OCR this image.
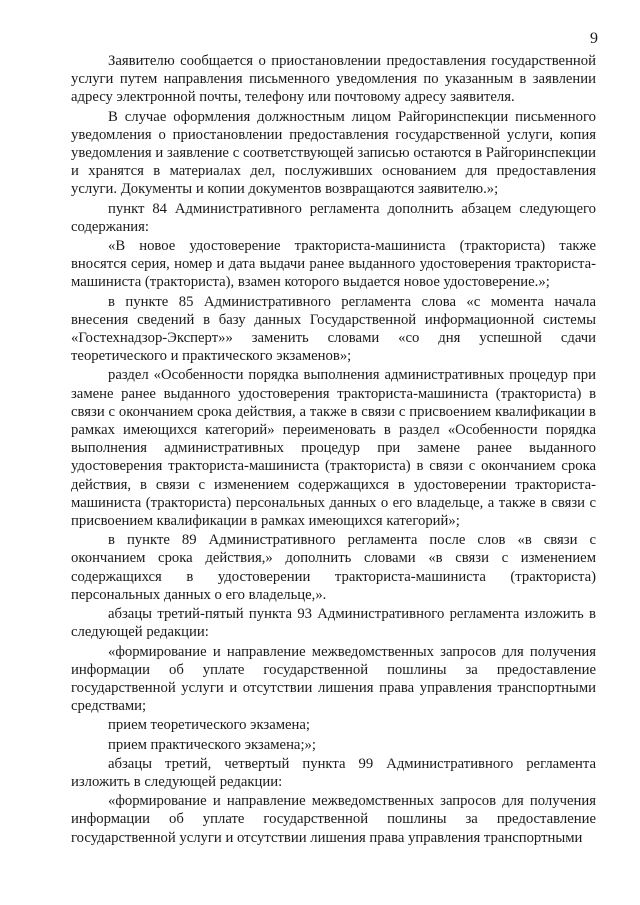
9

Заявителю сообщается о приостановлении предоставления государственной услуги путем направления письменного уведомления по указанным в заявлении адресу электронной почты, телефону или почтовому адресу заявителя.

В случае оформления должностным лицом Райгоринспекции письменного уведомления о приостановлении предоставления государственной услуги, копия уведомления и заявление с соответствующей записью остаются в Райгоринспекции и хранятся в материалах дел, послуживших основанием для предоставления услуги. Документы и копии документов возвращаются заявителю.»;

пункт 84 Административного регламента дополнить абзацем следующего содержания:

«В новое удостоверение тракториста-машиниста (тракториста) также вносятся серия, номер и дата выдачи ранее выданного удостоверения тракториста-машиниста (тракториста), взамен которого выдается новое удостоверение.»;

в пункте 85 Административного регламента слова «с момента начала внесения сведений в базу данных Государственной информационной системы «Гостехнадзор-Эксперт»» заменить словами «со дня успешной сдачи теоретического и практического экзаменов»;

раздел «Особенности порядка выполнения административных процедур при замене ранее выданного удостоверения тракториста-машиниста (тракториста) в связи с окончанием срока действия, а также в связи с присвоением квалификации в рамках имеющихся категорий» переименовать в раздел «Особенности порядка выполнения административных процедур при замене ранее выданного удостоверения тракториста-машиниста (тракториста) в связи с окончанием срока действия, в связи с изменением содержащихся в удостоверении тракториста-машиниста (тракториста) персональных данных о его владельце, а также в связи с присвоением квалификации в рамках имеющихся категорий»;

в пункте 89 Административного регламента после слов «в связи с окончанием срока действия,» дополнить словами «в связи с изменением содержащихся в удостоверении тракториста-машиниста (тракториста) персональных данных о его владельце,».

абзацы третий-пятый пункта 93 Административного регламента изложить в следующей редакции:

«формирование и направление межведомственных запросов для получения информации об уплате государственной пошлины за предоставление государственной услуги и отсутствии лишения права управления транспортными средствами;

прием теоретического экзамена;

прием практического экзамена;»;

абзацы третий, четвертый пункта 99 Административного регламента изложить в следующей редакции:

«формирование и направление межведомственных запросов для получения информации об уплате государственной пошлины за предоставление государственной услуги и отсутствии лишения права управления транспортными
